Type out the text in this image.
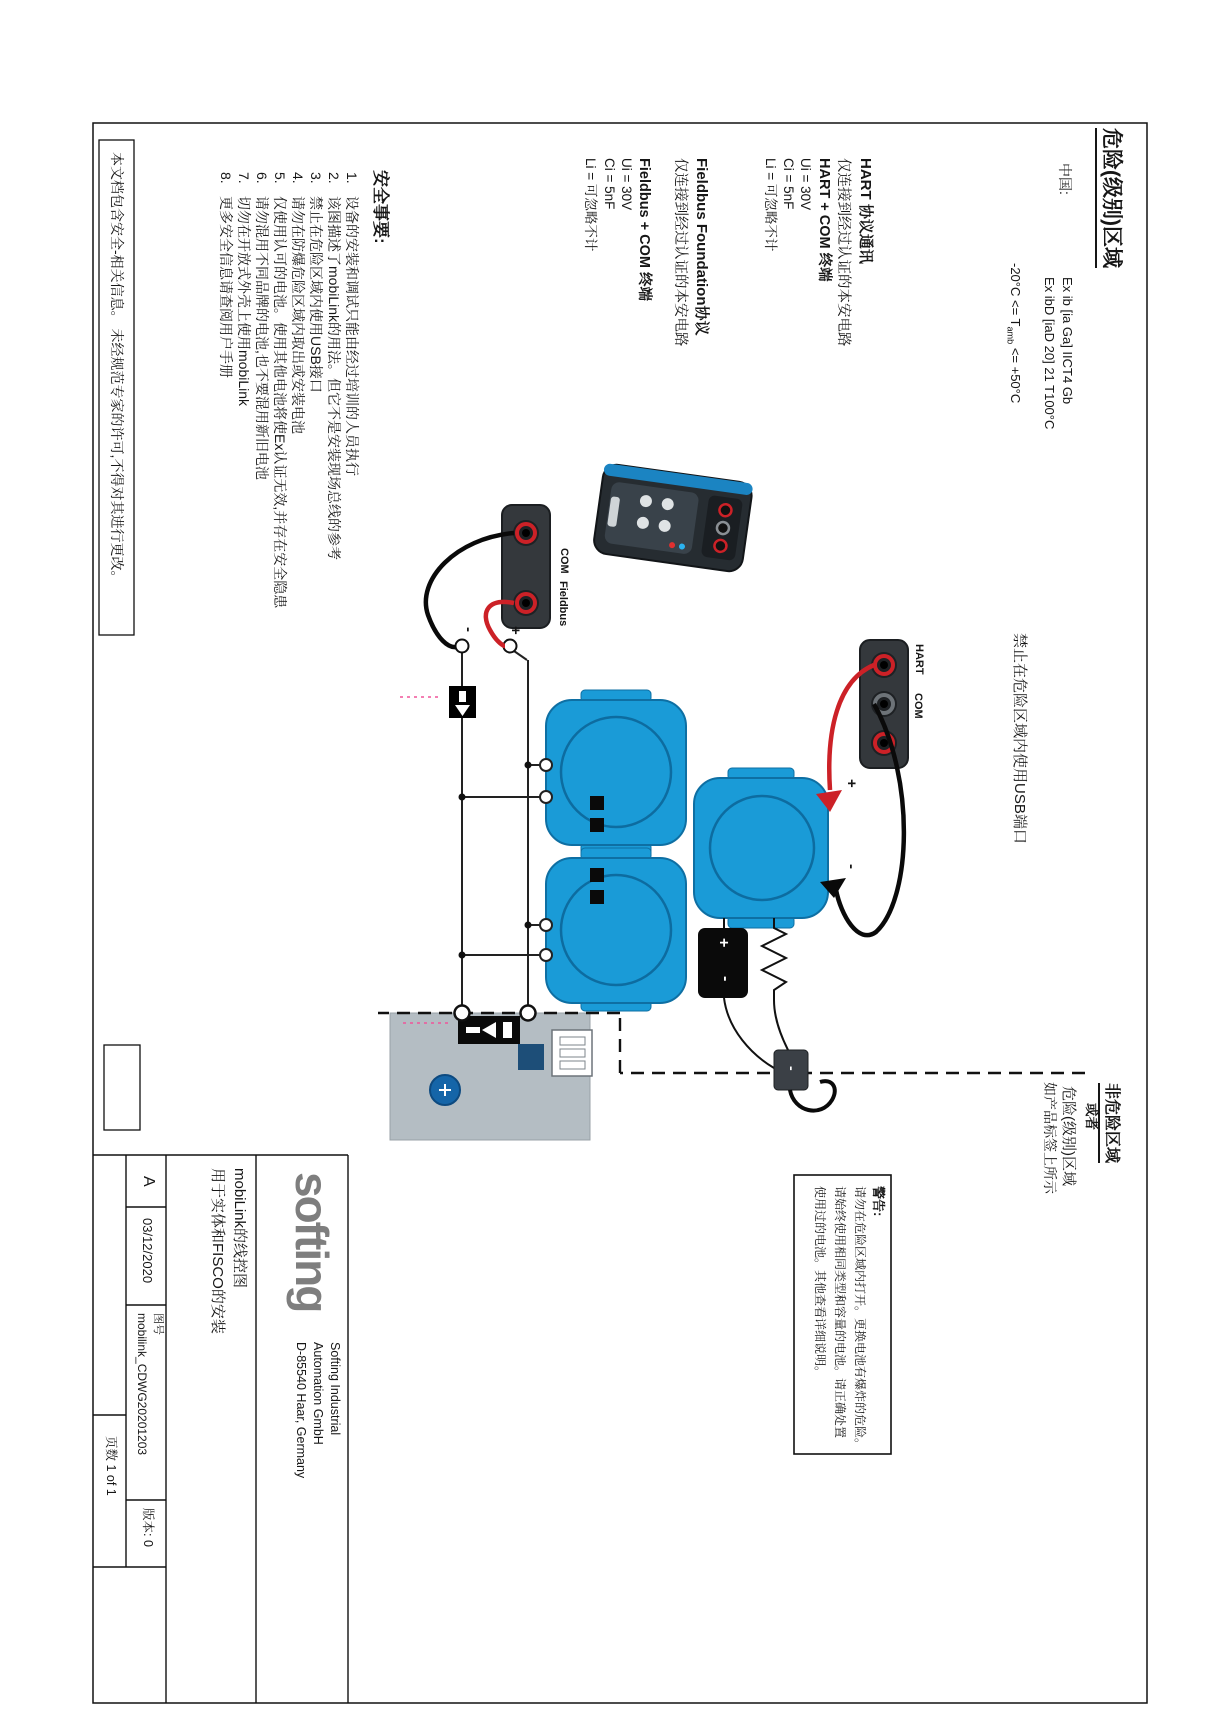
危险(级别)区域
中国:
Ex ib [ia Ga] IICT4 Gb
Ex ibD [iaD 20] 21 T100°C
$-20^\circ C <= T_{amb} <= +50^\circ C$
禁止在危险区域内使用USB端口
HART 协议通讯
仅连接到经过认证的本安电路
HART + COM 终端
Ui = 30V
Ci = 5nF
Li = 可忽略不计
Fieldbus Foundation协议
仅连接到经过认证的本安电路
Fieldbus + COM 终端
Ui = 30V
Ci = 5nF
Li = 可忽略不计
安全事要:
1.
设备的安装和调试只能由经过培训的人员执行
2.
该图描述了mobiLink的用法。但它不是安装现场总线的参考
3.
禁止在危险区域内使用USB接口
4.
请勿在防爆危险区域内取出或安装电池
5.
仅使用认可的电池。使用其他电池将使Ex认证无效,并存在安全隐患
6.
请勿混用不同品牌的电池,也不要混用新旧电池
7.
切勿在开放式外壳上使用mobiLink
8.
更多安全信息请查阅用户手册
本文档包含安全-相关信息。 未经规范专家的许可,不得对其进行更改。
非危险区域
或者
危险(级别)区域
如产品标签上所示
警告:
请勿在危险区域内打开。更换电池有爆炸的危险。
请始终使用相同类型和容量的电池。请正确处置
使用过的电池。其他查看详细说明。
COM
Fieldbus
HART
COM
+
-
+
-
+
-
-
softing
Softing Industrial
Automation GmbH
D-85540 Haar, Germany
mobiLink的线控图
用于实体和FISCO的安装
A
03/12/2020
图号
mobilink_CDWG20201203
版本: 0
页数 1 of 1
